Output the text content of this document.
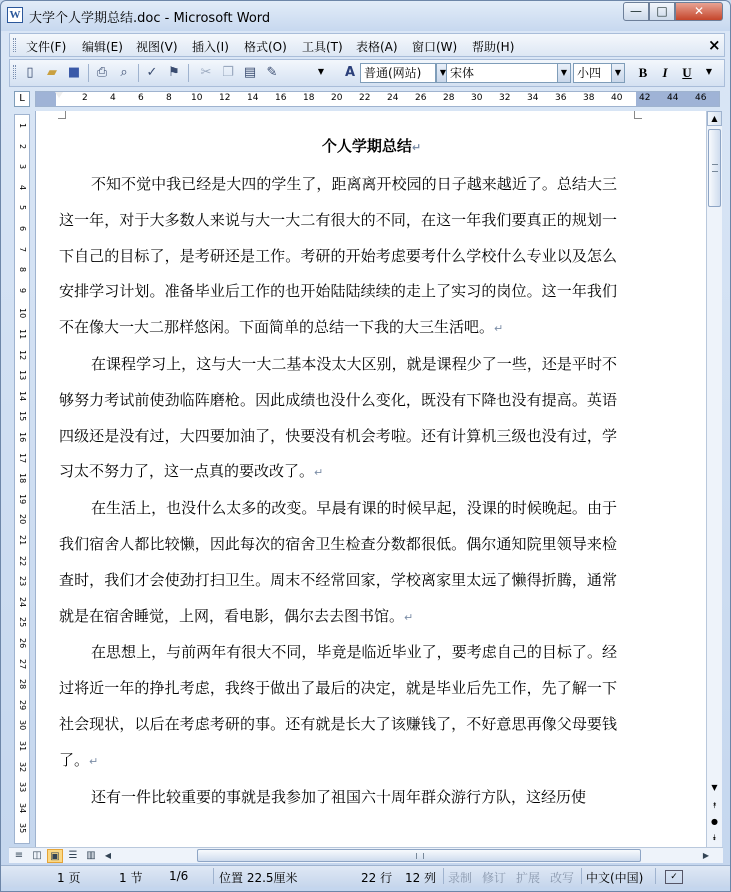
W 大学个人学期总结.doc - Microsoft Word	—	□	✕
文件(F) 编辑(E) 视图(V) 插入(I) 格式(O) 工具(T) 表格(A) 窗口(W) 帮助(H)	×
▯	▰ ■ ⎙	⌕	✓ ⚑ ✂ ❐ ▤ ✎	▼ A 普通(网站)	▼ 宋体	▼ 小四	▼	B	I	U	▼
L	2 4 6 8 10 12 14 16 18 20 22 24 26 28 30 32 34 36 38 40 42 44 46
1
2
3
4
5
6
7
8
9
10
11
12
13
14
15
16
17
18
19
20
21
22
23
24
25
26
27
28
29
30
31
32
33
34
35
个人学期总结↵

不知不觉中我已经是大四的学生了，距离离开校园的日子越来越近了。总结大三这一年，对于大多数人来说与大一大二有很大的不同，在这一年我们要真正的规划一下自己的目标了，是考研还是工作。考研的开始考虑要考什么学校什么专业以及怎么安排学习计划。准备毕业后工作的也开始陆陆续续的走上了实习的岗位。这一年我们不在像大一大二那样悠闲。下面简单的总结一下我的大三生活吧。↵

在课程学习上，这与大一大二基本没太大区别，就是课程少了一些，还是平时不够努力考试前使劲临阵磨枪。因此成绩也没什么变化，既没有下降也没有提高。英语四级还是没有过，大四要加油了，快要没有机会考啦。还有计算机三级也没有过，学习太不努力了，这一点真的要改改了。↵

在生活上，也没什么太多的改变。早晨有课的时候早起，没课的时候晚起。由于我们宿舍人都比较懒，因此每次的宿舍卫生检查分数都很低。偶尔通知院里领导来检查时，我们才会使劲打扫卫生。周末不经常回家，学校离家里太远了懒得折腾，通常就是在宿舍睡觉，上网，看电影，偶尔去去图书馆。↵

在思想上，与前两年有很大不同，毕竟是临近毕业了，要考虑自己的目标了。经过将近一年的挣扎考虑，我终于做出了最后的决定，就是毕业后先工作，先了解一下社会现状，以后在考虑考研的事。还有就是长大了该赚钱了，不好意思再像父母要钱了。↵

还有一件比较重要的事就是我参加了祖国六十周年群众游行方队，这经历使

▲
▼
⯭
●
⯯
≡ ◫ ▣ ☰ ▥	◀	▶
1 页	1 节 1/6	位置 22.5厘米	22 行 12 列 录制 修订 扩展 改写 中文(中国)	✓
